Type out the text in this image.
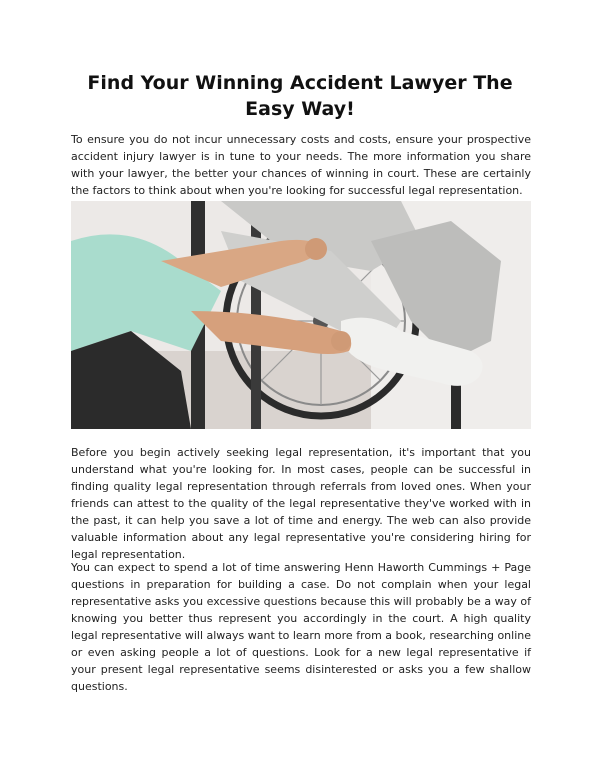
Find Your Winning Accident Lawyer The Easy Way!

To ensure you do not incur unnecessary costs and costs, ensure your prospective accident injury lawyer is in tune to your needs. The more information you share with your lawyer, the better your chances of winning in court. These are certainly the factors to think about when you're looking for successful legal representation.

Before you begin actively seeking legal representation, it's important that you understand what you're looking for. In most cases, people can be successful in finding quality legal representation through referrals from loved ones. When your friends can attest to the quality of the legal representative they've worked with in the past, it can help you save a lot of time and energy. The web can also provide valuable information about any legal representative you're considering hiring for legal representation.

You can expect to spend a lot of time answering Henn Haworth Cummings + Page questions in preparation for building a case. Do not complain when your legal representative asks you excessive questions because this will probably be a way of knowing you better thus represent you accordingly in the court. A high quality legal representative will always want to learn more from a book, researching online or even asking people a lot of questions. Look for a new legal representative if your present legal representative seems disinterested or asks you a few shallow questions.
